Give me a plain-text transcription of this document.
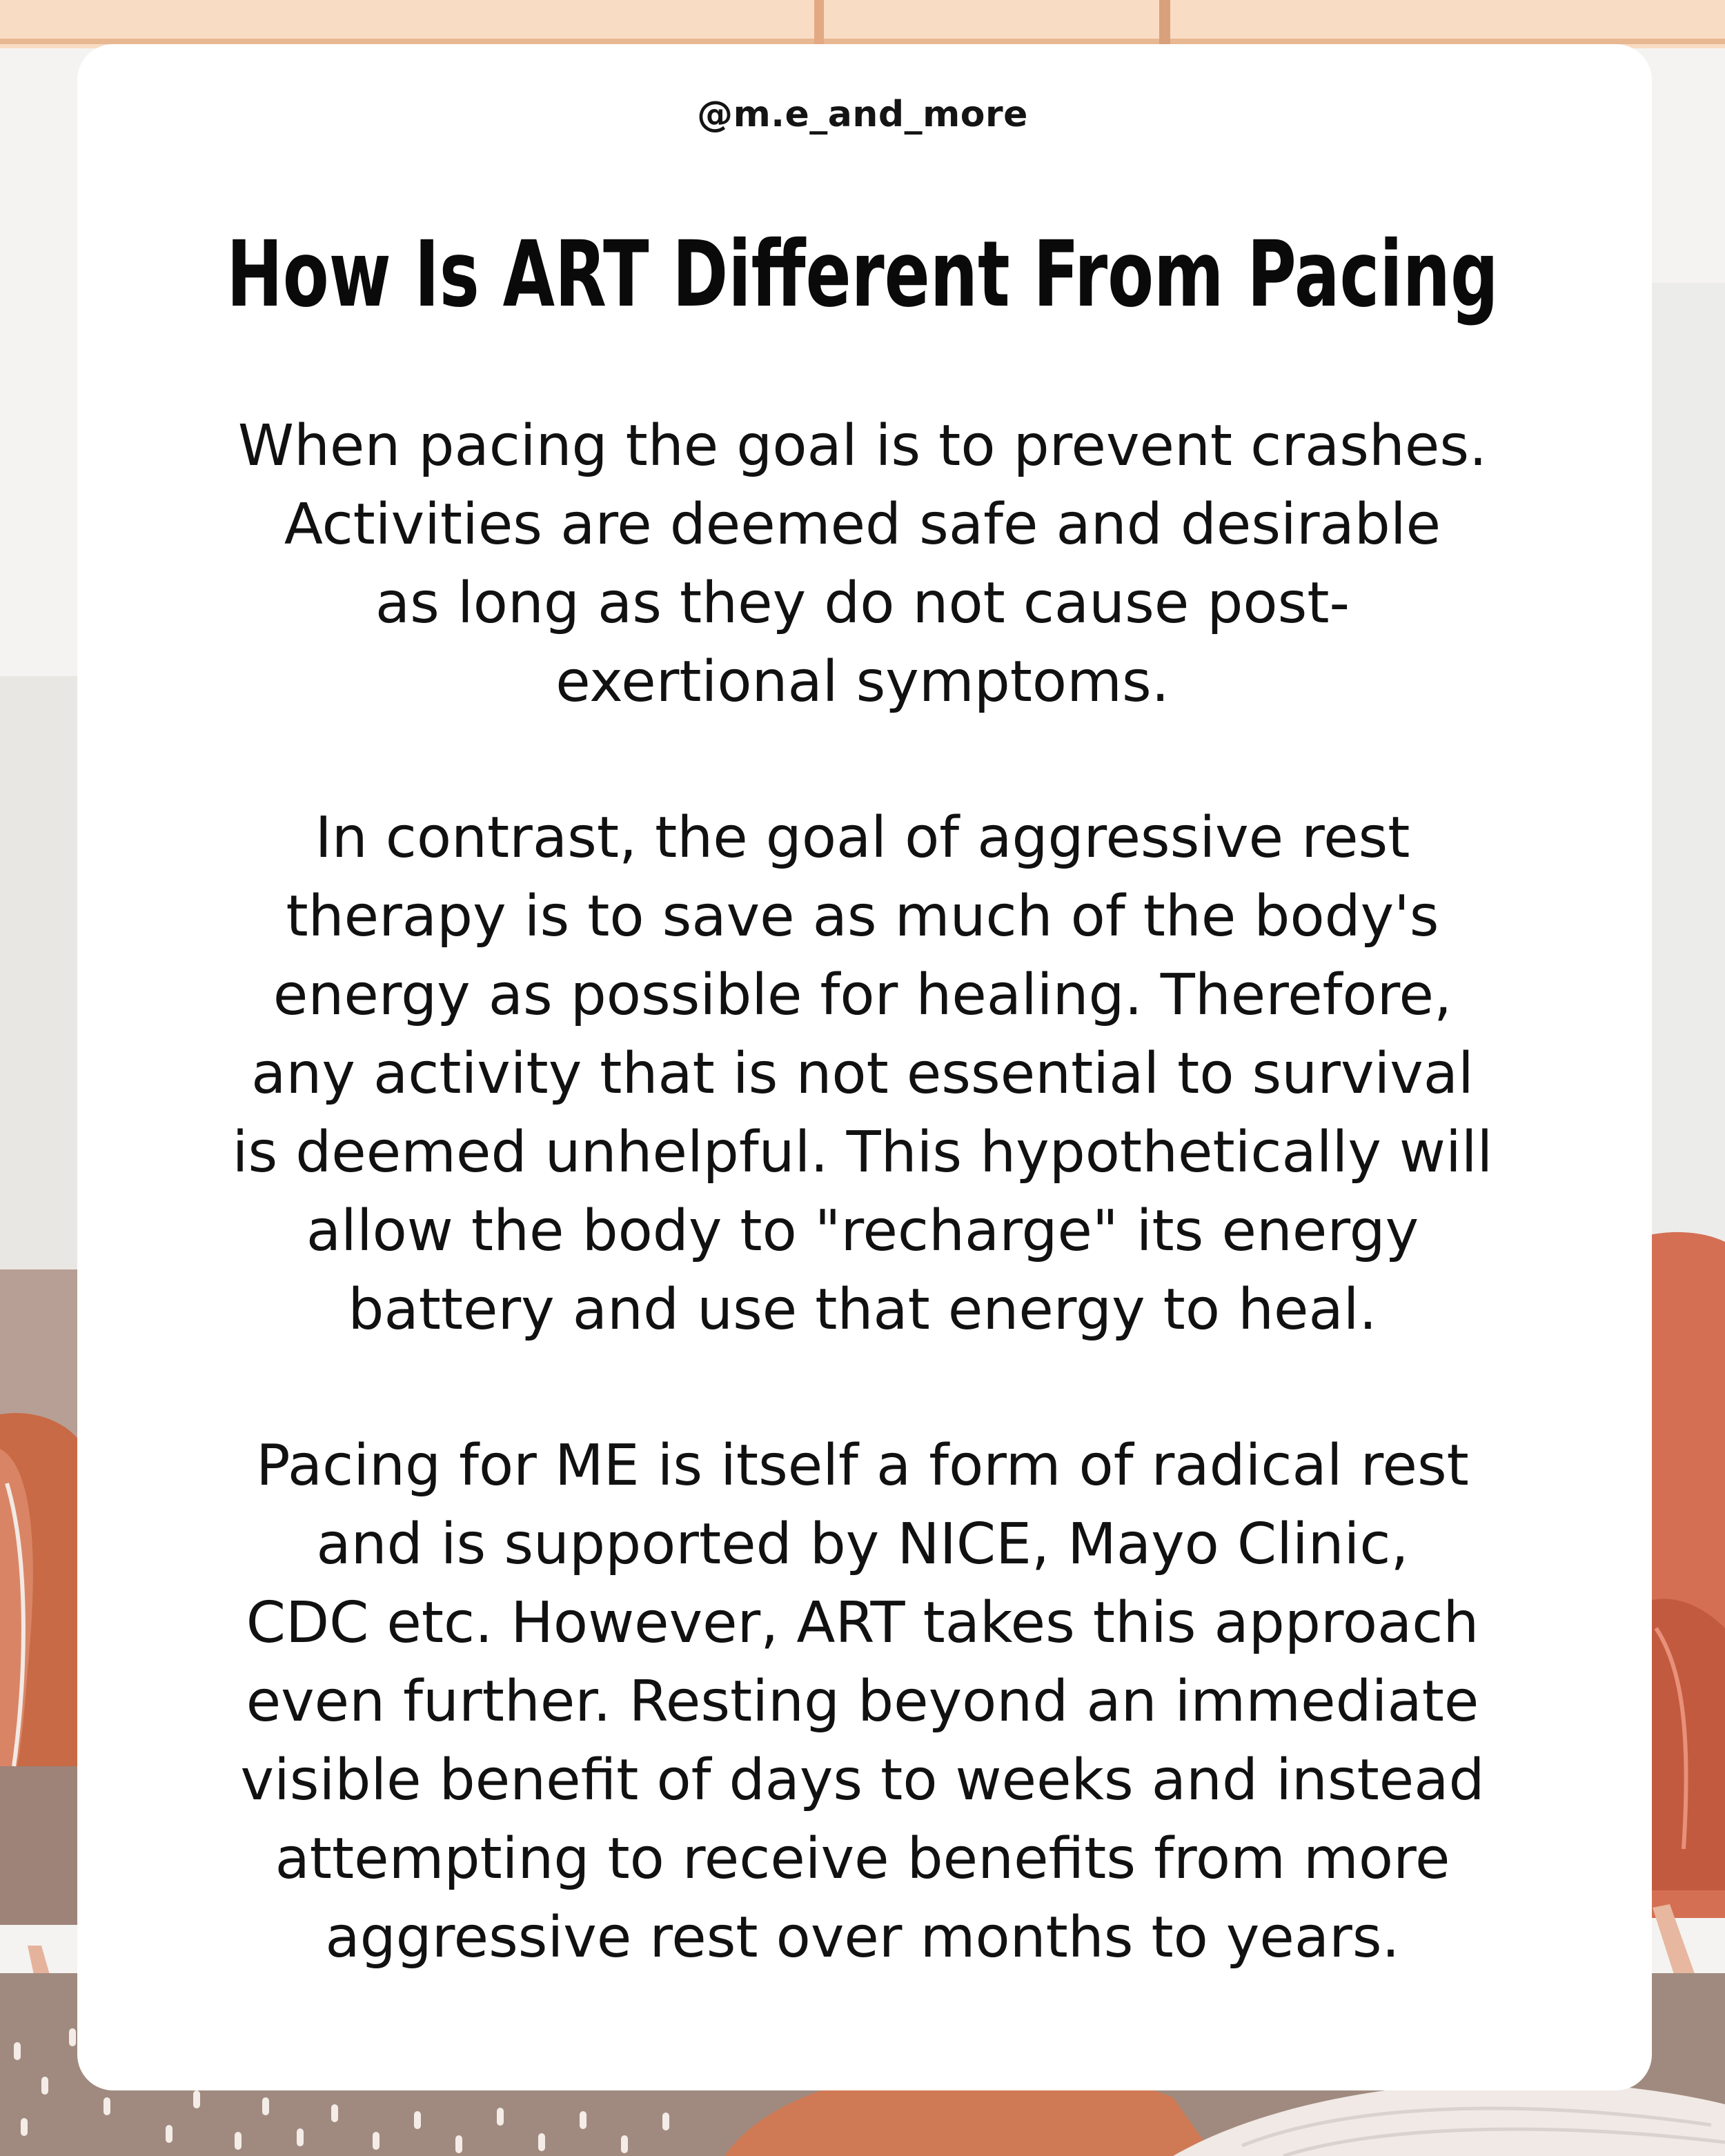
@m.e_and_more
How Is ART Different From Pacing

When pacing the goal is to prevent crashes.
Activities are deemed safe and desirable
as long as they do not cause post-
exertional symptoms.

In contrast, the goal of aggressive rest
therapy is to save as much of the body's
energy as possible for healing. Therefore,
any activity that is not essential to survival
is deemed unhelpful. This hypothetically will
allow the body to "recharge" its energy
battery and use that energy to heal.

Pacing for ME is itself a form of radical rest
and is supported by NICE, Mayo Clinic,
CDC etc. However, ART takes this approach
even further. Resting beyond an immediate
visible benefit of days to weeks and instead
attempting to receive benefits from more
aggressive rest over months to years.
